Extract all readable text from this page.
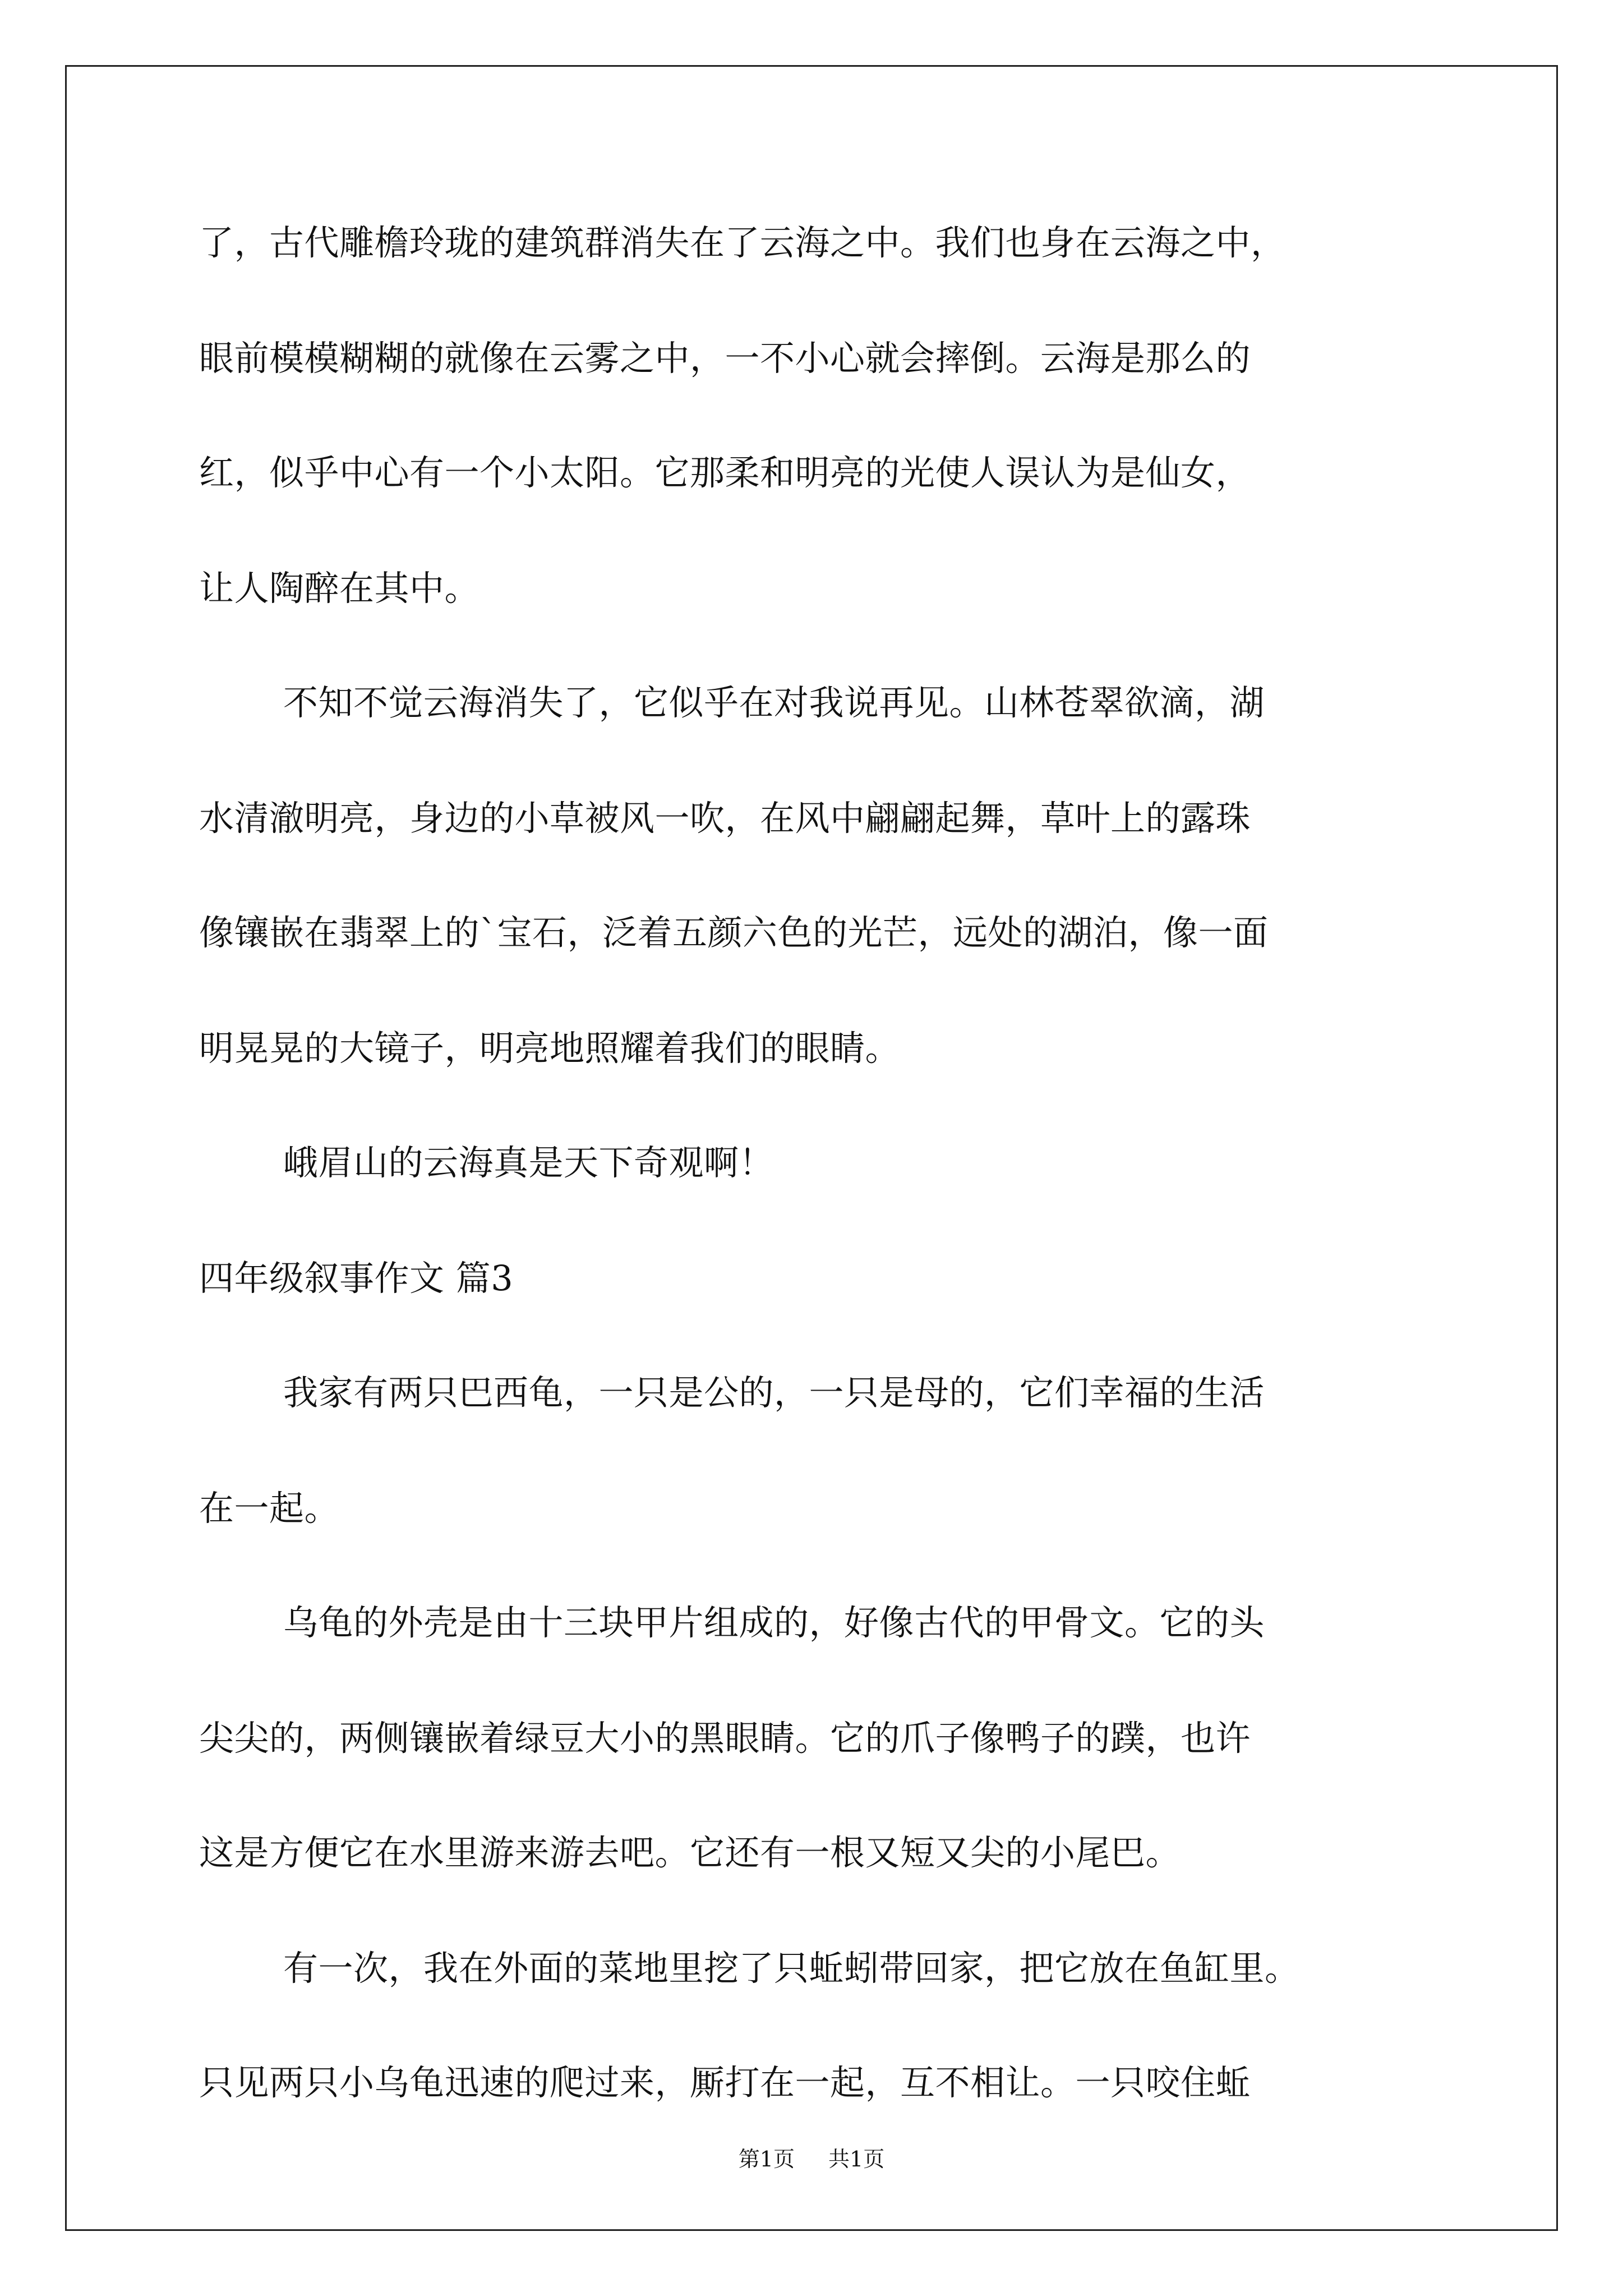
了，古代雕檐玲珑的建筑群消失在了云海之中。我们也身在云海之中，
眼前模模糊糊的就像在云雾之中，一不小心就会摔倒。云海是那么的
红，似乎中心有一个小太阳。它那柔和明亮的光使人误认为是仙女，
让人陶醉在其中。
不知不觉云海消失了，它似乎在对我说再见。山林苍翠欲滴，湖
水清澈明亮，身边的小草被风一吹，在风中翩翩起舞，草叶上的露珠
像镶嵌在翡翠上的`宝石，泛着五颜六色的光芒，远处的湖泊，像一面
明晃晃的大镜子，明亮地照耀着我们的眼睛。
峨眉山的云海真是天下奇观啊！
四年级叙事作文 篇3
我家有两只巴西龟，一只是公的，一只是母的，它们幸福的生活
在一起。
乌龟的外壳是由十三块甲片组成的，好像古代的甲骨文。它的头
尖尖的，两侧镶嵌着绿豆大小的黑眼睛。它的爪子像鸭子的蹼，也许
这是方便它在水里游来游去吧。它还有一根又短又尖的小尾巴。
有一次，我在外面的菜地里挖了只蚯蚓带回家，把它放在鱼缸里。
只见两只小乌龟迅速的爬过来，厮打在一起，互不相让。一只咬住蚯
第1页 共1页
